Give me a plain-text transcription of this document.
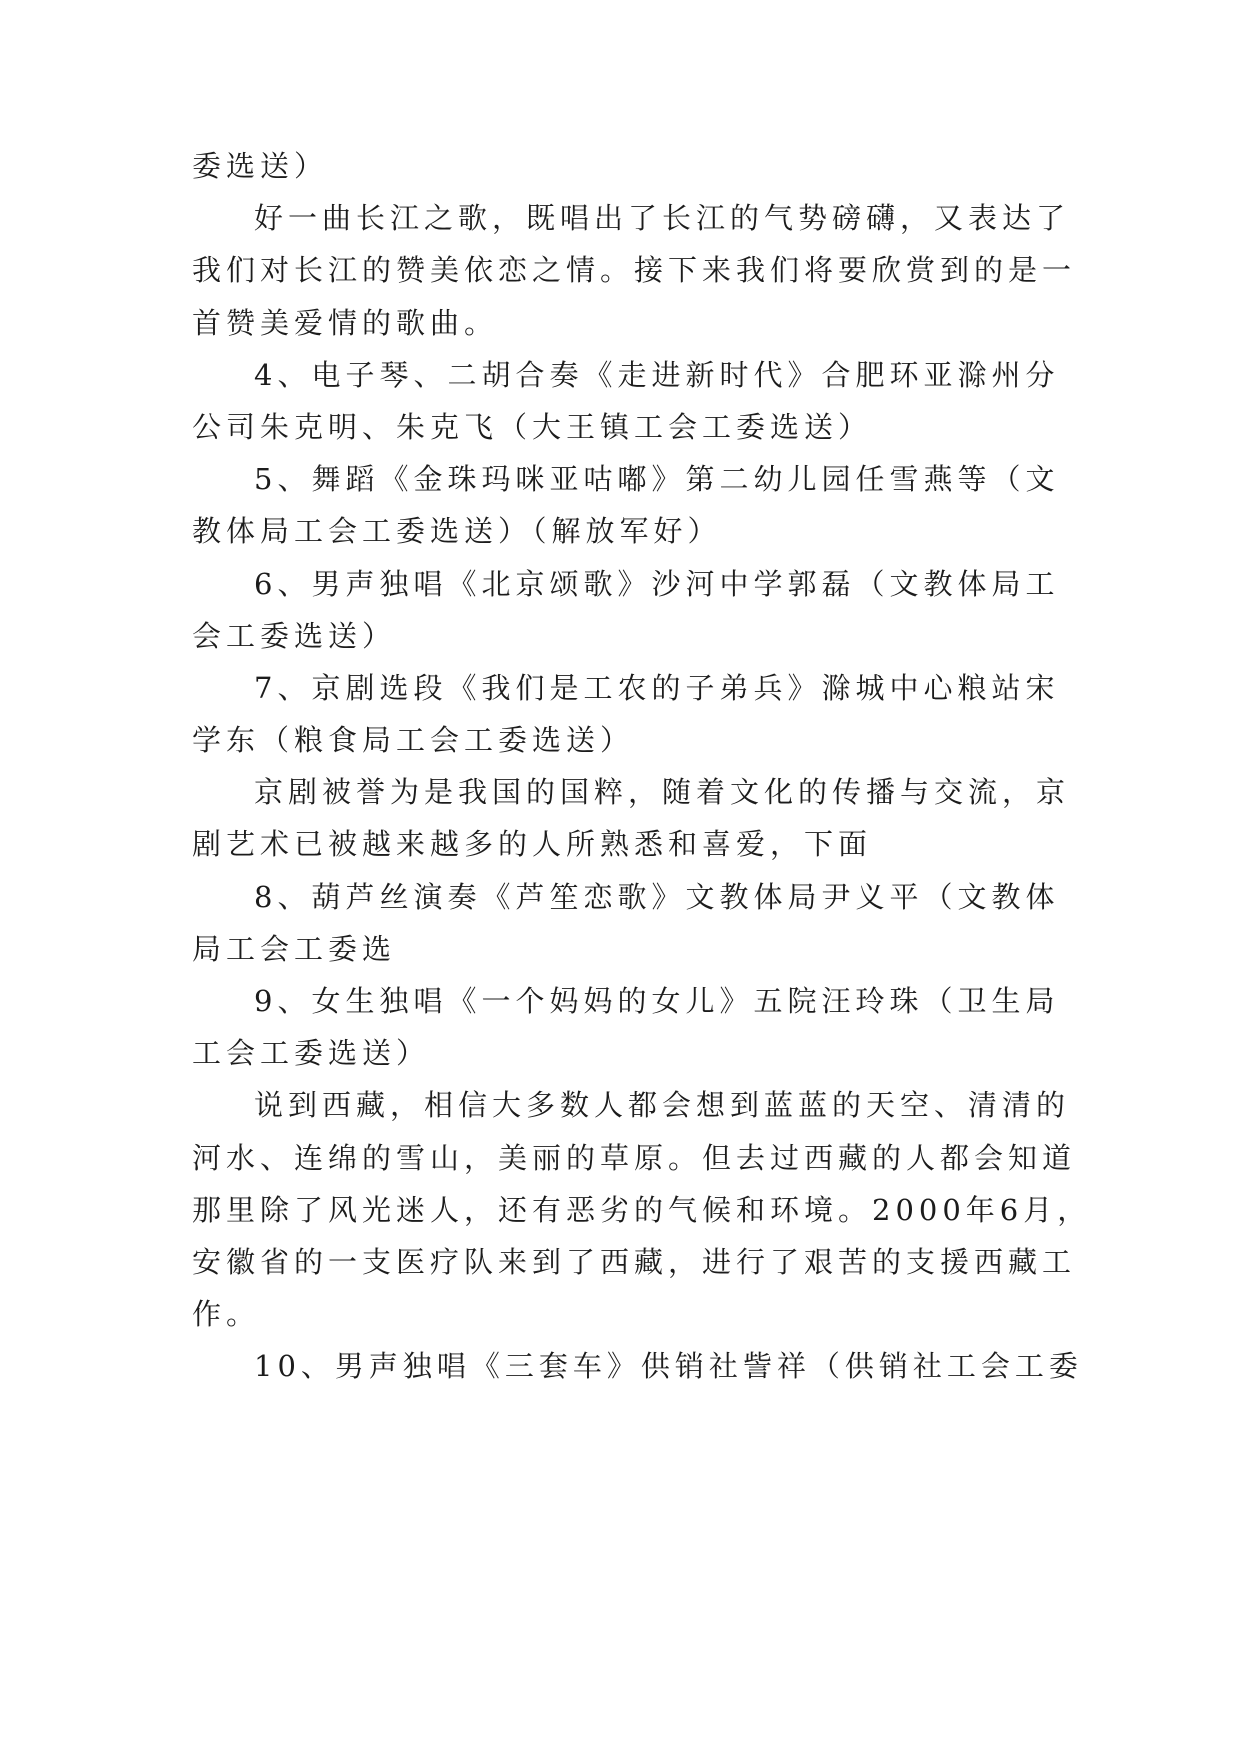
委选送）
好一曲长江之歌，既唱出了长江的气势磅礴，又表达了
我们对长江的赞美依恋之情。接下来我们将要欣赏到的是一
首赞美爱情的歌曲。
4、电子琴、二胡合奏《走进新时代》合肥环亚滁州分
公司朱克明、朱克飞（大王镇工会工委选送）
5、舞蹈《金珠玛咪亚咕嘟》第二幼儿园任雪燕等（文
教体局工会工委选送）（解放军好）
6、男声独唱《北京颂歌》沙河中学郭磊（文教体局工
会工委选送）
7、京剧选段《我们是工农的子弟兵》滁城中心粮站宋
学东（粮食局工会工委选送）
京剧被誉为是我国的国粹，随着文化的传播与交流，京
剧艺术已被越来越多的人所熟悉和喜爱，下面
8、葫芦丝演奏《芦笙恋歌》文教体局尹义平（文教体
局工会工委选
9、女生独唱《一个妈妈的女儿》五院汪玲珠（卫生局
工会工委选送）
说到西藏，相信大多数人都会想到蓝蓝的天空、清清的
河水、连绵的雪山，美丽的草原。但去过西藏的人都会知道
那里除了风光迷人，还有恶劣的气候和环境。2000年6月，
安徽省的一支医疗队来到了西藏，进行了艰苦的支援西藏工
作。
10、男声独唱《三套车》供销社訾祥（供销社工会工委
